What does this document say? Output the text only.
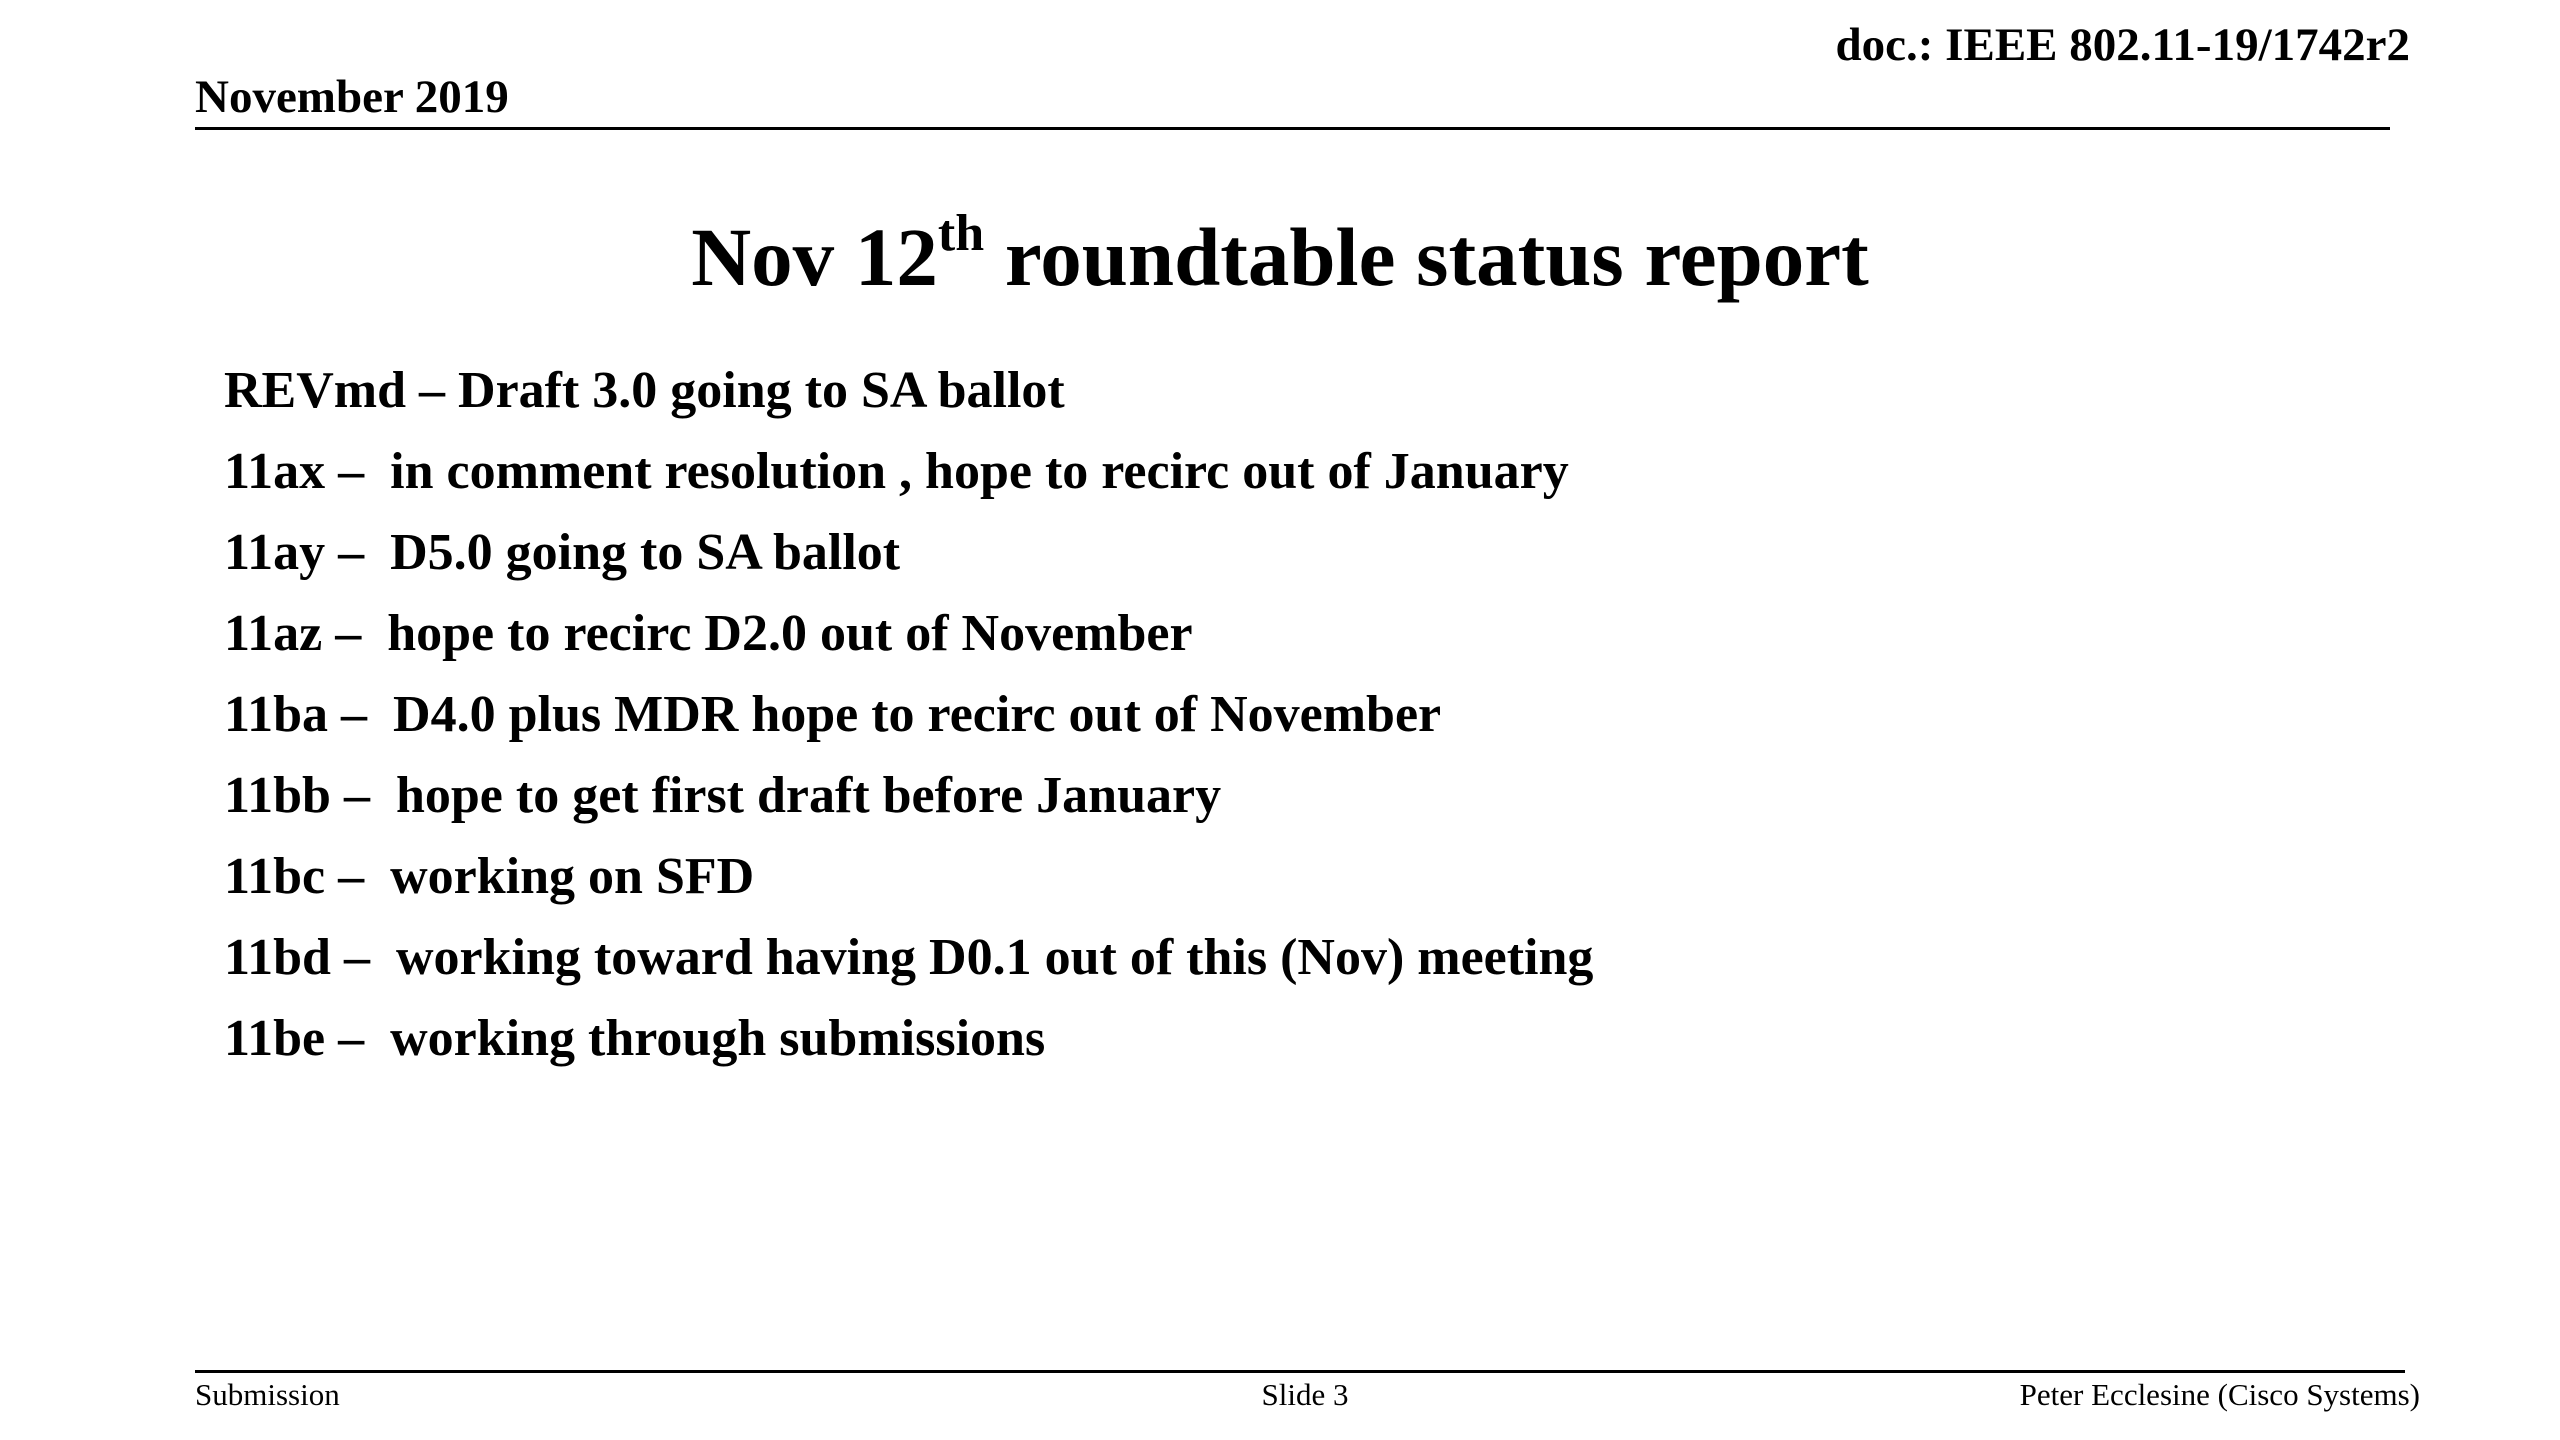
November 2019
doc.: IEEE 802.11-19/1742r2
Nov 12th roundtable status report
REVmd – Draft 3.0 going to SA ballot
11ax –  in comment resolution , hope to recirc out of January
11ay –  D5.0 going to SA ballot
11az –  hope to recirc D2.0 out of November
11ba –  D4.0 plus MDR hope to recirc out of November
11bb –  hope to get first draft before January
11bc –  working on SFD
11bd –  working toward having D0.1 out of this (Nov) meeting
11be –  working through submissions
Submission	Slide 3	Peter Ecclesine (Cisco Systems)
